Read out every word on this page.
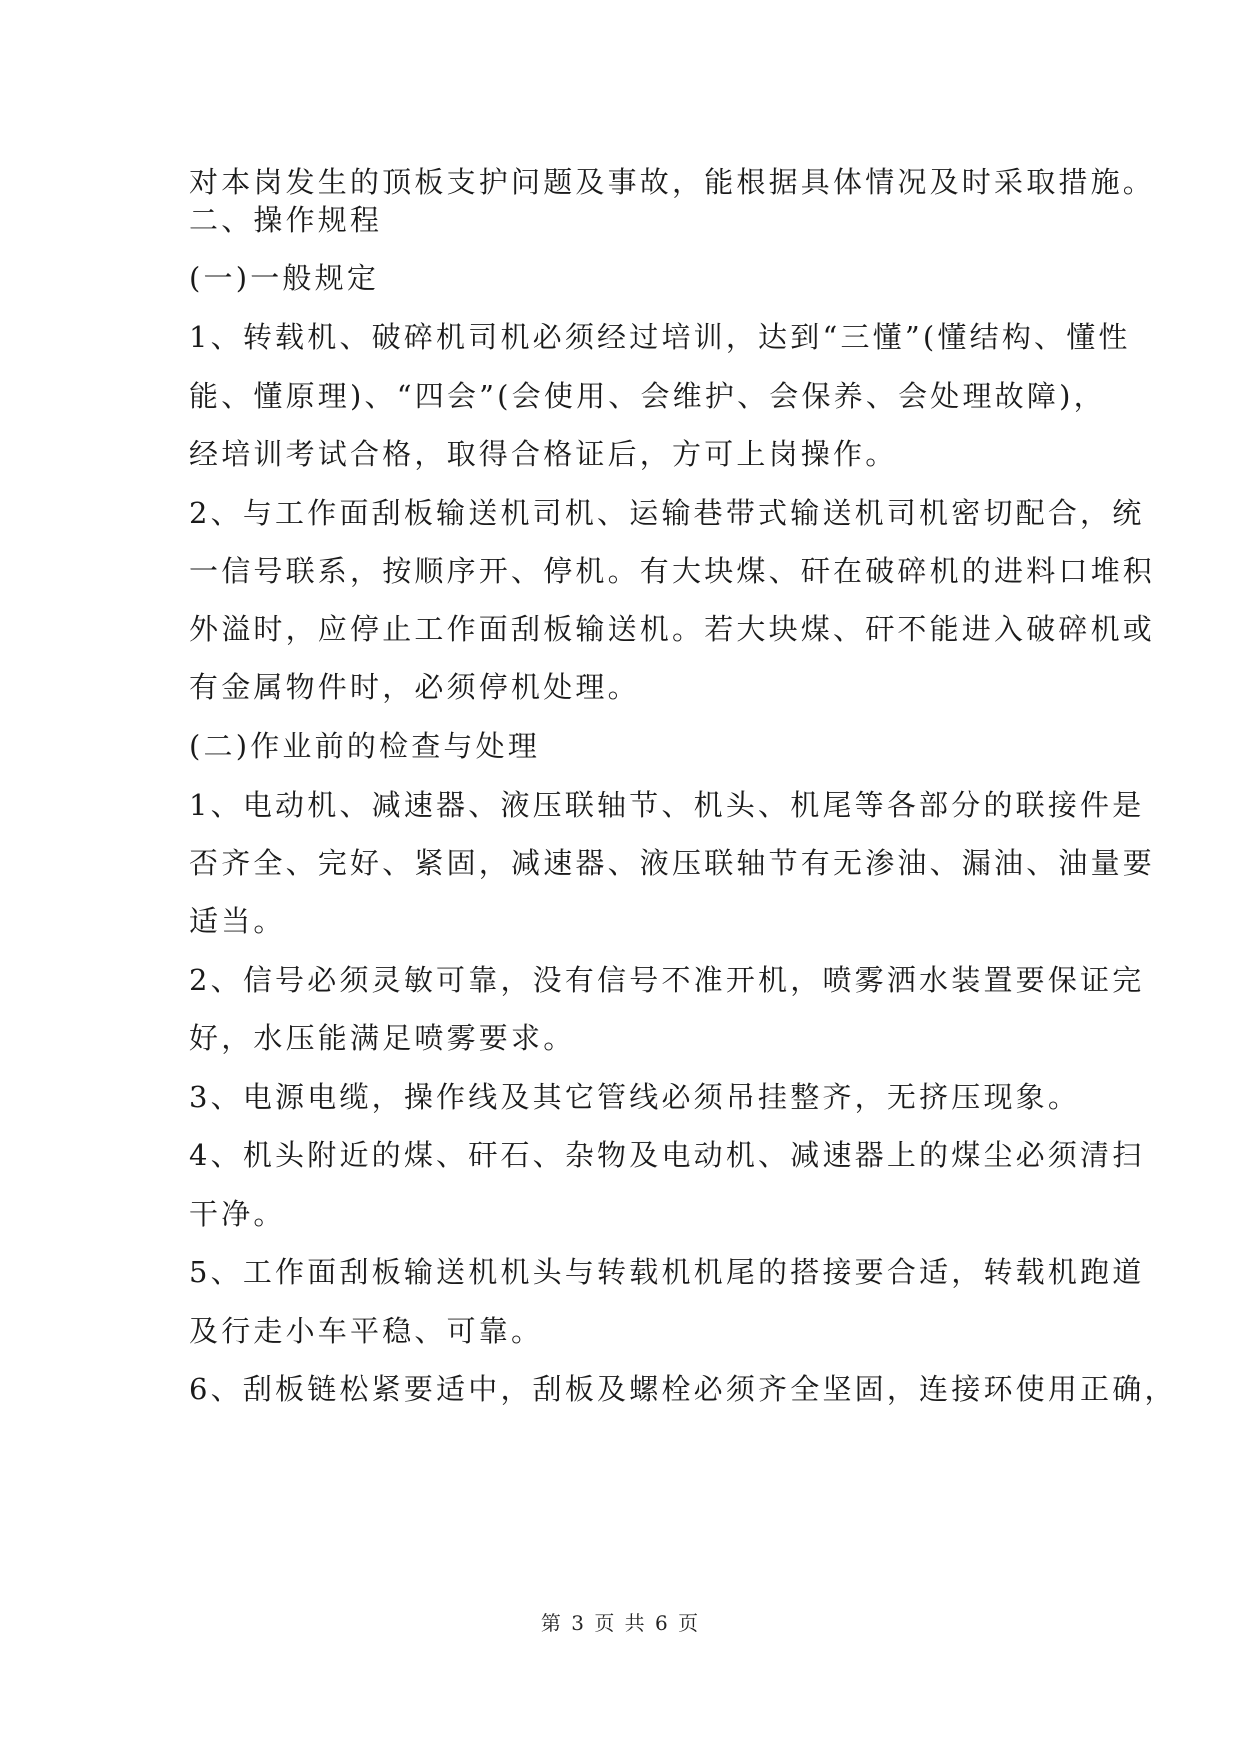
对本岗发生的顶板支护问题及事故，能根据具体情况及时采取措施。
二、操作规程
(一)一般规定
1、转载机、破碎机司机必须经过培训，达到“三懂”(懂结构、懂性
能、懂原理)、“四会”(会使用、会维护、会保养、会处理故障)，
经培训考试合格，取得合格证后，方可上岗操作。
2、与工作面刮板输送机司机、运输巷带式输送机司机密切配合，统
一信号联系，按顺序开、停机。有大块煤、矸在破碎机的进料口堆积
外溢时，应停止工作面刮板输送机。若大块煤、矸不能进入破碎机或
有金属物件时，必须停机处理。
(二)作业前的检查与处理
1、电动机、减速器、液压联轴节、机头、机尾等各部分的联接件是
否齐全、完好、紧固，减速器、液压联轴节有无渗油、漏油、油量要
适当。
2、信号必须灵敏可靠，没有信号不准开机，喷雾洒水装置要保证完
好，水压能满足喷雾要求。
3、电源电缆，操作线及其它管线必须吊挂整齐，无挤压现象。
4、机头附近的煤、矸石、杂物及电动机、减速器上的煤尘必须清扫
干净。
5、工作面刮板输送机机头与转载机机尾的搭接要合适，转载机跑道
及行走小车平稳、可靠。
6、刮板链松紧要适中，刮板及螺栓必须齐全坚固，连接环使用正确，
第 3 页 共 6 页
